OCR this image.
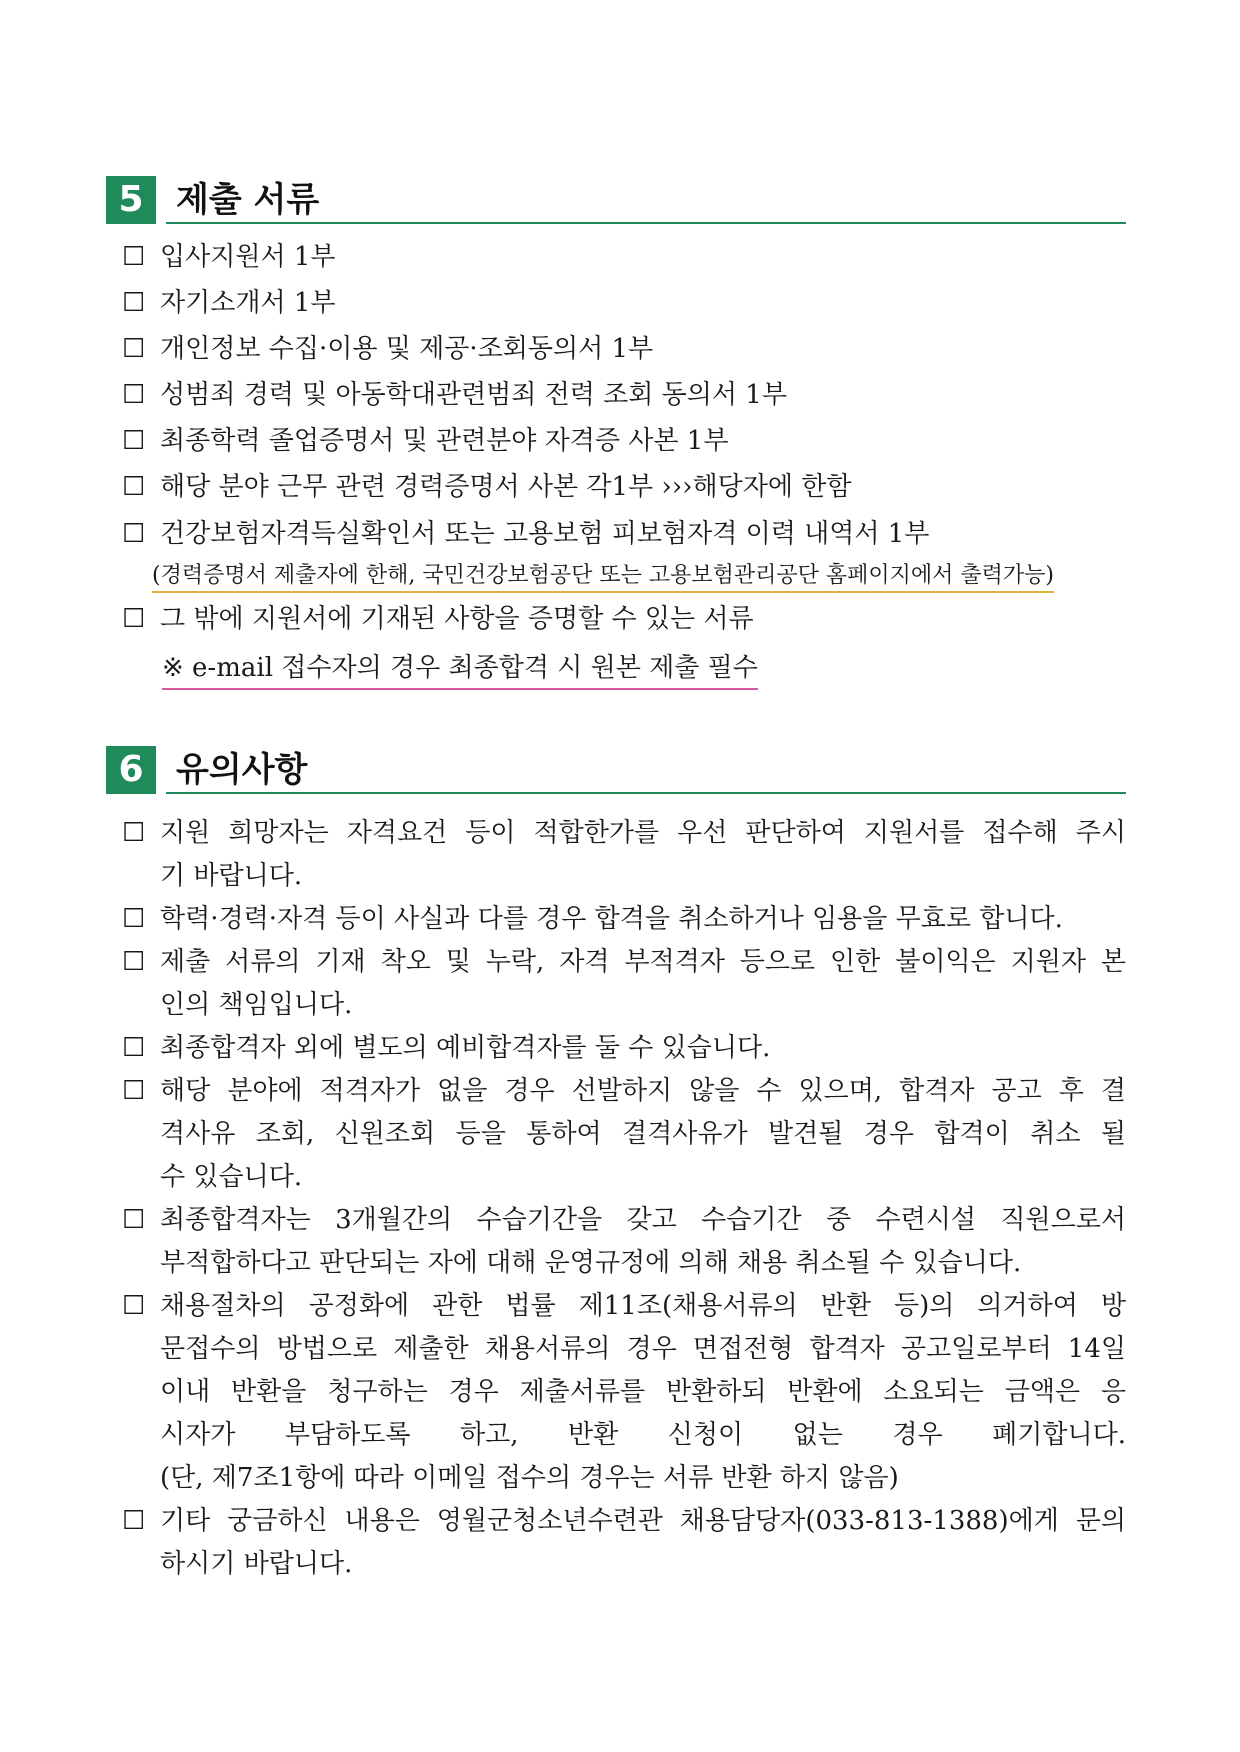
5 제출 서류
☐ 입사지원서 1부
☐ 자기소개서 1부
☐ 개인정보 수집·이용 및 제공·조회동의서 1부
☐ 성범죄 경력 및 아동학대관련범죄 전력 조회 동의서 1부
☐ 최종학력 졸업증명서 및 관련분야 자격증 사본 1부
☐ 해당 분야 근무 관련 경력증명서 사본 각1부 ›››해당자에 한함
☐ 건강보험자격득실확인서 또는 고용보험 피보험자격 이력 내역서 1부
(경력증명서 제출자에 한해, 국민건강보험공단 또는 고용보험관리공단 홈페이지에서 출력가능)
☐ 그 밖에 지원서에 기재된 사항을 증명할 수 있는 서류
※ e-mail 접수자의 경우 최종합격 시 원본 제출 필수
6 유의사항
☐ 지원 희망자는 자격요건 등이 적합한가를 우선 판단하여 지원서를 접수해 주시
기 바랍니다.
☐ 학력·경력·자격 등이 사실과 다를 경우 합격을 취소하거나 임용을 무효로 합니다.
☐ 제출 서류의 기재 착오 및 누락, 자격 부적격자 등으로 인한 불이익은 지원자 본
인의 책임입니다.
☐ 최종합격자 외에 별도의 예비합격자를 둘 수 있습니다.
☐ 해당 분야에 적격자가 없을 경우 선발하지 않을 수 있으며, 합격자 공고 후 결
격사유 조회, 신원조회 등을 통하여 결격사유가 발견될 경우 합격이 취소 될
수 있습니다.
☐ 최종합격자는 3개월간의 수습기간을 갖고 수습기간 중 수련시설 직원으로서
부적합하다고 판단되는 자에 대해 운영규정에 의해 채용 취소될 수 있습니다.
☐ 채용절차의 공정화에 관한 법률 제11조(채용서류의 반환 등)의 의거하여 방
문접수의 방법으로 제출한 채용서류의 경우 면접전형 합격자 공고일로부터 14일
이내 반환을 청구하는 경우 제출서류를 반환하되 반환에 소요되는 금액은 응
시자가 부담하도록 하고, 반환 신청이 없는 경우 폐기합니다.
(단, 제7조1항에 따라 이메일 접수의 경우는 서류 반환 하지 않음)
☐ 기타 궁금하신 내용은 영월군청소년수련관 채용담당자(033-813-1388)에게 문의
하시기 바랍니다.
